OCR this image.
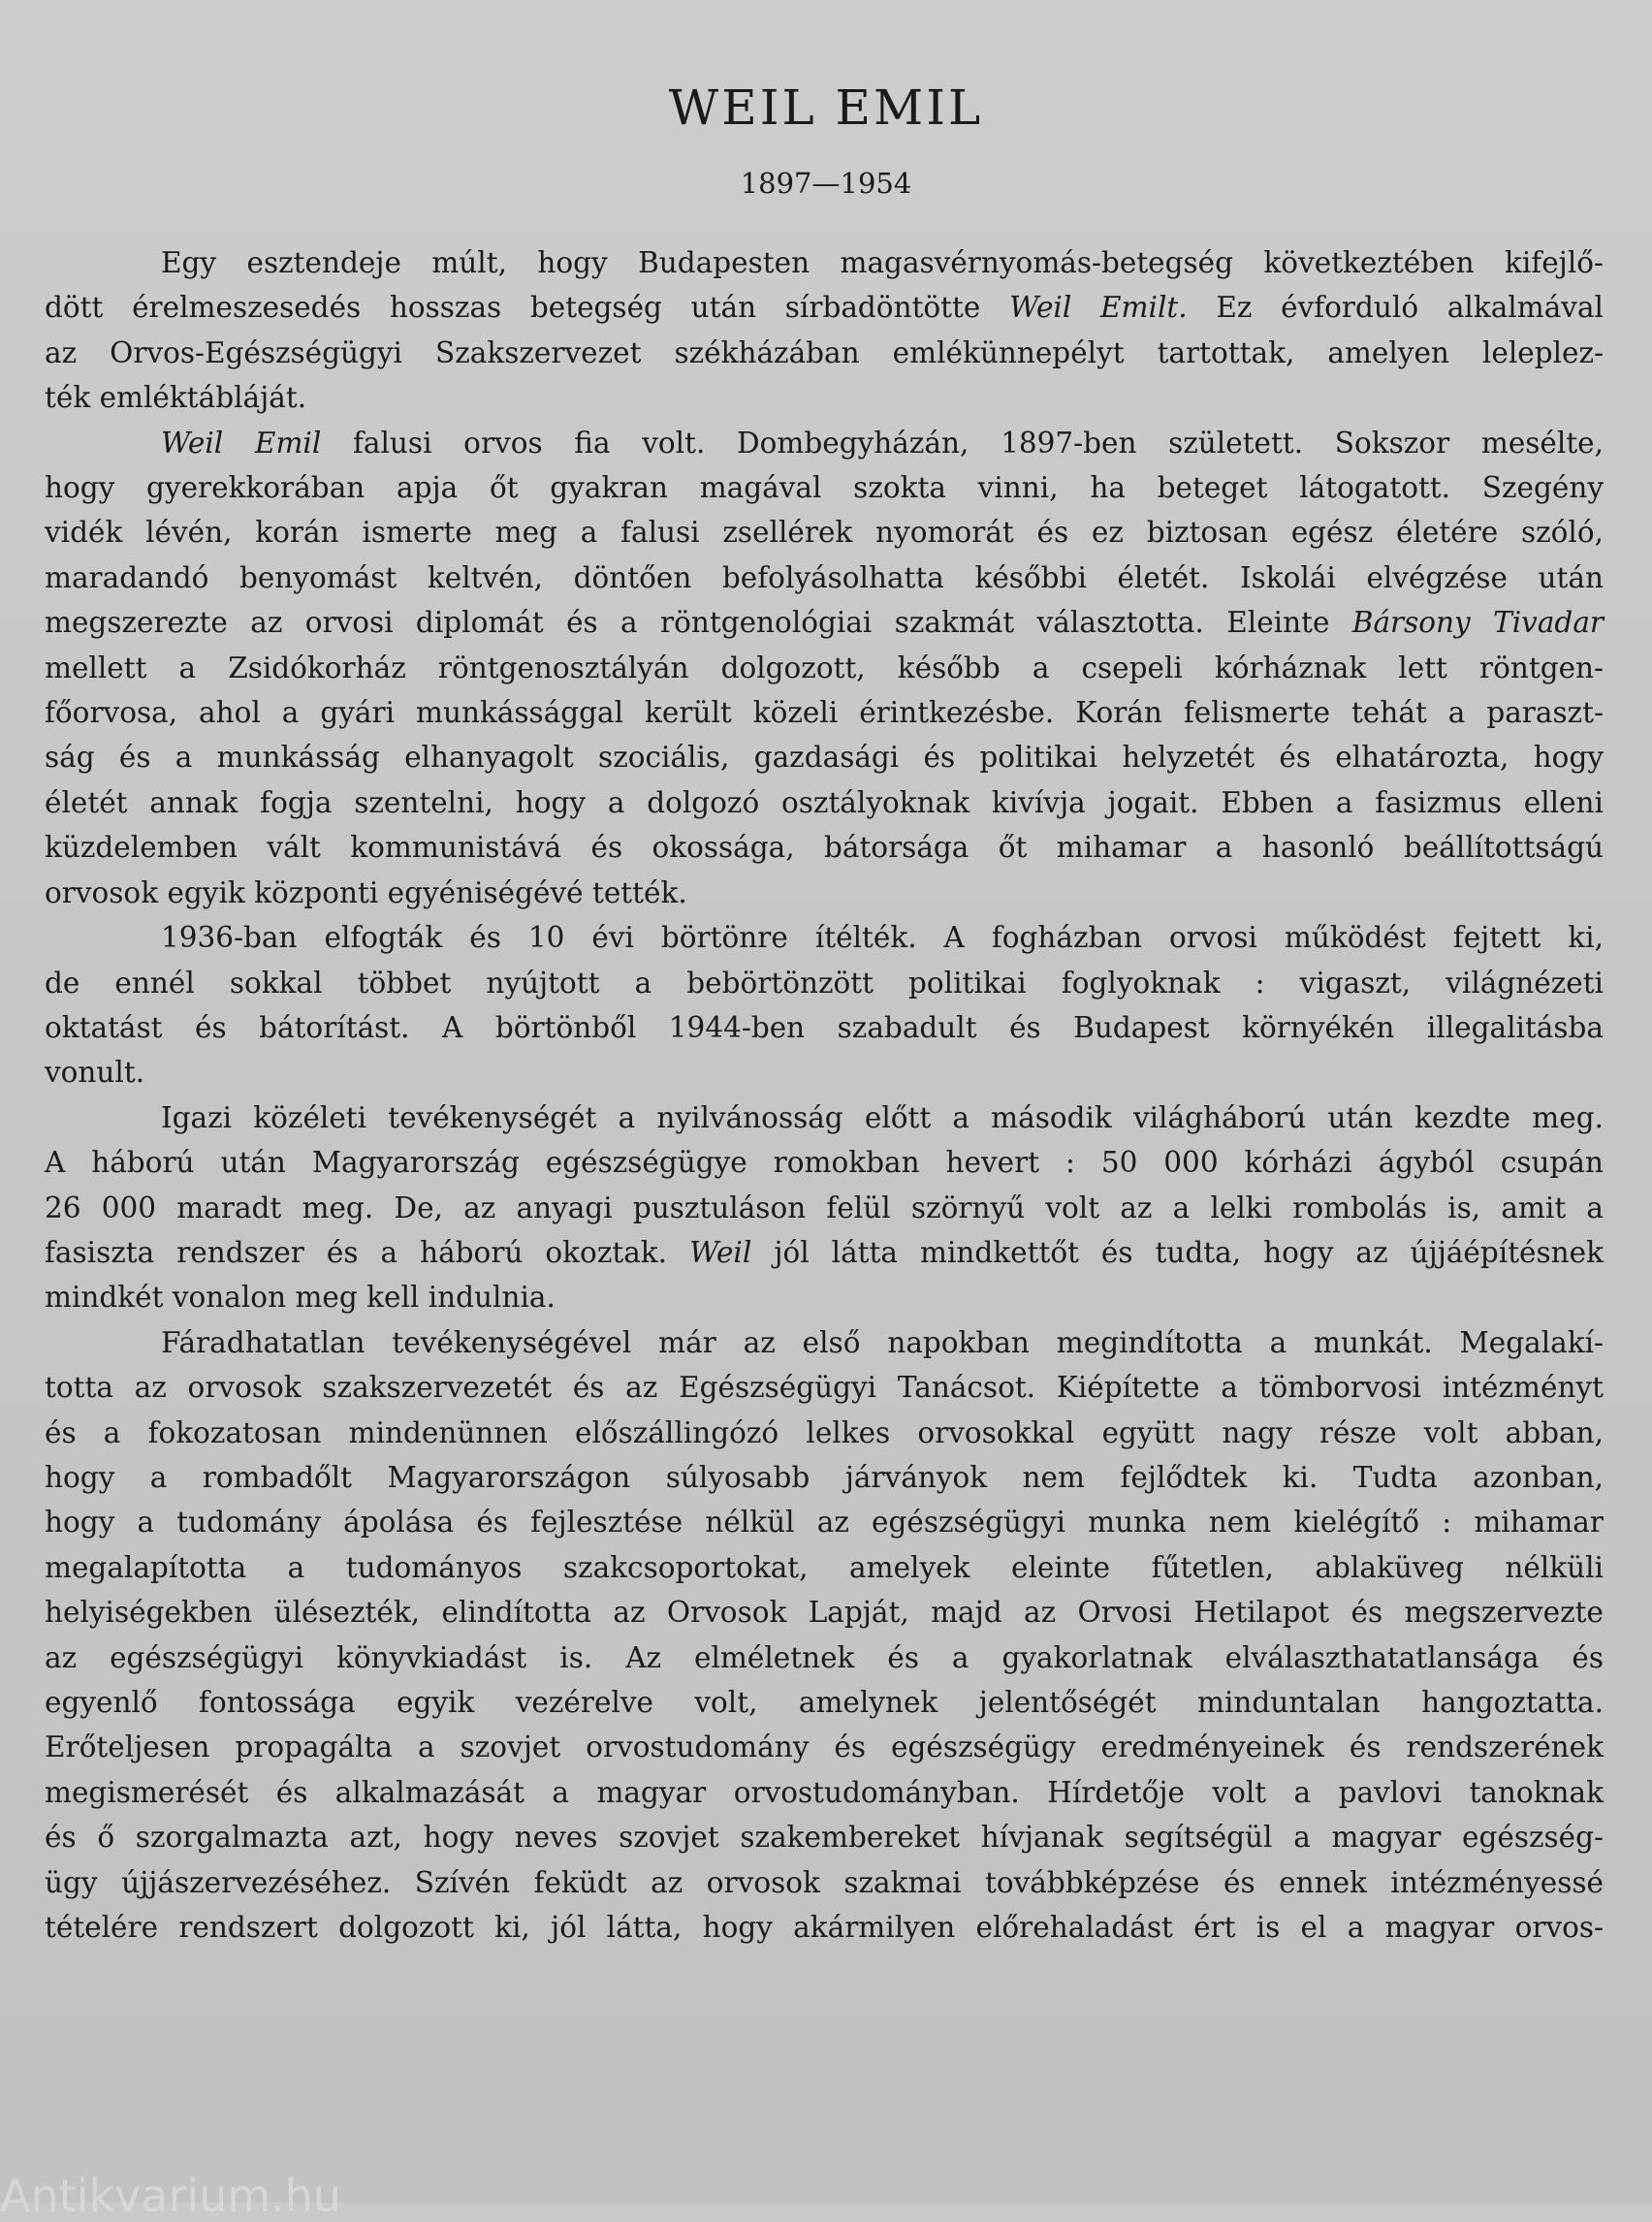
WEIL EMIL
1897—1954

Egy esztendeje múlt, hogy Budapesten magasvérnyomás-betegség következtében kifejlő-
dött érelmeszesedés hosszas betegség után sírbadöntötte Weil Emilt. Ez évforduló alkalmával
az Orvos-Egészségügyi Szakszervezet székházában emlékünnepélyt tartottak, amelyen leleplez-
ték emléktábláját.

Weil Emil falusi orvos fia volt. Dombegyházán, 1897-ben született. Sokszor mesélte,
hogy gyerekkorában apja őt gyakran magával szokta vinni, ha beteget látogatott. Szegény
vidék lévén, korán ismerte meg a falusi zsellérek nyomorát és ez biztosan egész életére szóló,
maradandó benyomást keltvén, döntően befolyásolhatta későbbi életét. Iskolái elvégzése után
megszerezte az orvosi diplomát és a röntgenológiai szakmát választotta. Eleinte Bársony Tivadar
mellett a Zsidókorház röntgenosztályán dolgozott, később a csepeli kórháznak lett röntgen-
főorvosa, ahol a gyári munkássággal került közeli érintkezésbe. Korán felismerte tehát a paraszt-
ság és a munkásság elhanyagolt szociális, gazdasági és politikai helyzetét és elhatározta, hogy
életét annak fogja szentelni, hogy a dolgozó osztályoknak kivívja jogait. Ebben a fasizmus elleni
küzdelemben vált kommunistává és okossága, bátorsága őt mihamar a hasonló beállítottságú
orvosok egyik központi egyéniségévé tették.

1936-ban elfogták és 10 évi börtönre ítélték. A fogházban orvosi működést fejtett ki,
de ennél sokkal többet nyújtott a bebörtönzött politikai foglyoknak : vigaszt, világnézeti
oktatást és bátorítást. A börtönből 1944-ben szabadult és Budapest környékén illegalitásba
vonult.

Igazi közéleti tevékenységét a nyilvánosság előtt a második világháború után kezdte meg.
A háború után Magyarország egészségügye romokban hevert : 50 000 kórházi ágyból csupán
26 000 maradt meg. De, az anyagi pusztuláson felül szörnyű volt az a lelki rombolás is, amit a
fasiszta rendszer és a háború okoztak. Weil jól látta mindkettőt és tudta, hogy az újjáépítésnek
mindkét vonalon meg kell indulnia.

Fáradhatatlan tevékenységével már az első napokban megindította a munkát. Megalakí-
totta az orvosok szakszervezetét és az Egészségügyi Tanácsot. Kiépítette a tömborvosi intézményt
és a fokozatosan mindenünnen előszállingózó lelkes orvosokkal együtt nagy része volt abban,
hogy a rombadőlt Magyarországon súlyosabb járványok nem fejlődtek ki. Tudta azonban,
hogy a tudomány ápolása és fejlesztése nélkül az egészségügyi munka nem kielégítő : mihamar
megalapította a tudományos szakcsoportokat, amelyek eleinte fűtetlen, ablaküveg nélküli
helyiségekben ülésezték, elindította az Orvosok Lapját, majd az Orvosi Hetilapot és megszervezte
az egészségügyi könyvkiadást is. Az elméletnek és a gyakorlatnak elválaszthatatlansága és
egyenlő fontossága egyik vezérelve volt, amelynek jelentőségét minduntalan hangoztatta.
Erőteljesen propagálta a szovjet orvostudomány és egészségügy eredményeinek és rendszerének
megismerését és alkalmazását a magyar orvostudományban. Hírdetője volt a pavlovi tanoknak
és ő szorgalmazta azt, hogy neves szovjet szakembereket hívjanak segítségül a magyar egészség-
ügy újjászervezéséhez. Szívén feküdt az orvosok szakmai továbbképzése és ennek intézményessé
tételére rendszert dolgozott ki, jól látta, hogy akármilyen előrehaladást ért is el a magyar orvos-

Antikvarium.hu
